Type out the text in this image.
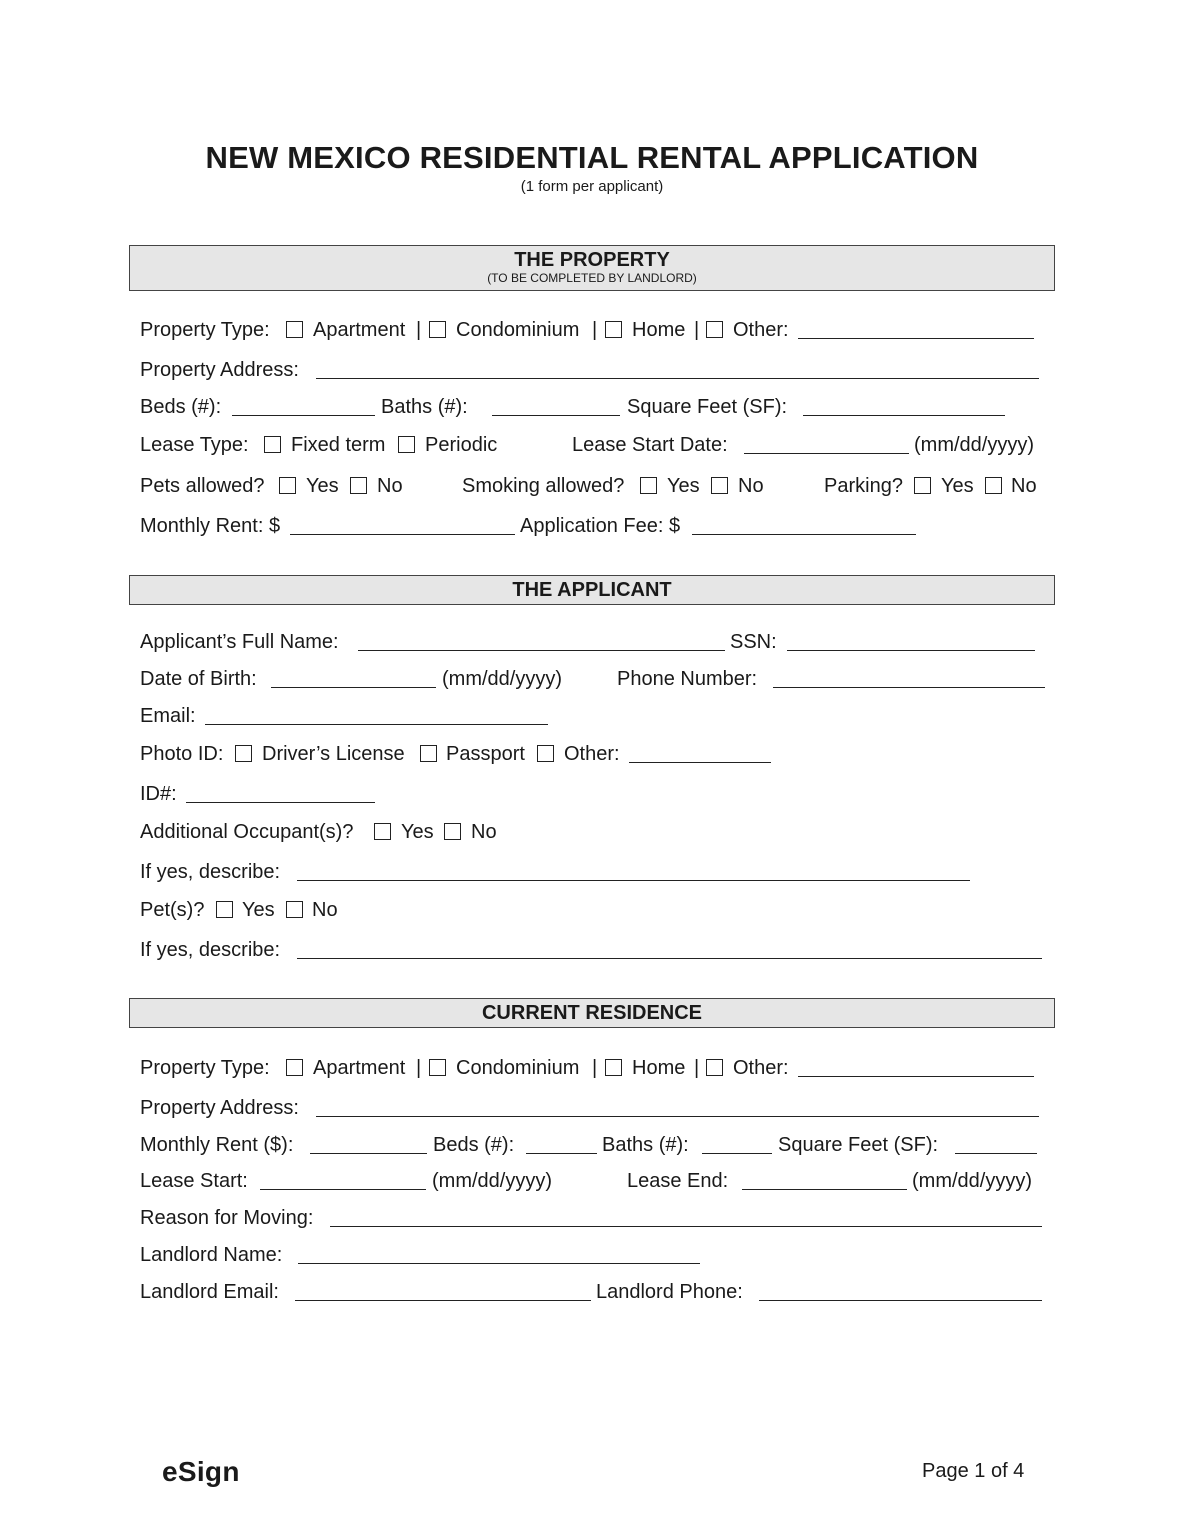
NEW MEXICO RESIDENTIAL RENTAL APPLICATION
(1 form per applicant)
THE PROPERTY
(TO BE COMPLETED BY LANDLORD)
Property Type: Apartment | Condominium | Home | Other:
Property Address:
Beds (#):	Baths (#):	Square Feet (SF):
Lease Type: Fixed term Periodic	Lease Start Date:	(mm/dd/yyyy)
Pets allowed? Yes No	Smoking allowed? Yes No	Parking? Yes No
Monthly Rent: $	Application Fee: $
THE APPLICANT
Applicant’s Full Name:	SSN:
Date of Birth:	(mm/dd/yyyy)	Phone Number:
Email:
Photo ID: Driver’s License Passport Other:
ID#:
Additional Occupant(s)? Yes No
If yes, describe:
Pet(s)? Yes No
If yes, describe:
CURRENT RESIDENCE
Property Type: Apartment | Condominium | Home | Other:
Property Address:
Monthly Rent ($):	Beds (#):	Baths (#):	Square Feet (SF):
Lease Start:	(mm/dd/yyyy)	Lease End:	(mm/dd/yyyy)
Reason for Moving:
Landlord Name:
Landlord Email:	Landlord Phone:
eSign	Page 1 of 4
